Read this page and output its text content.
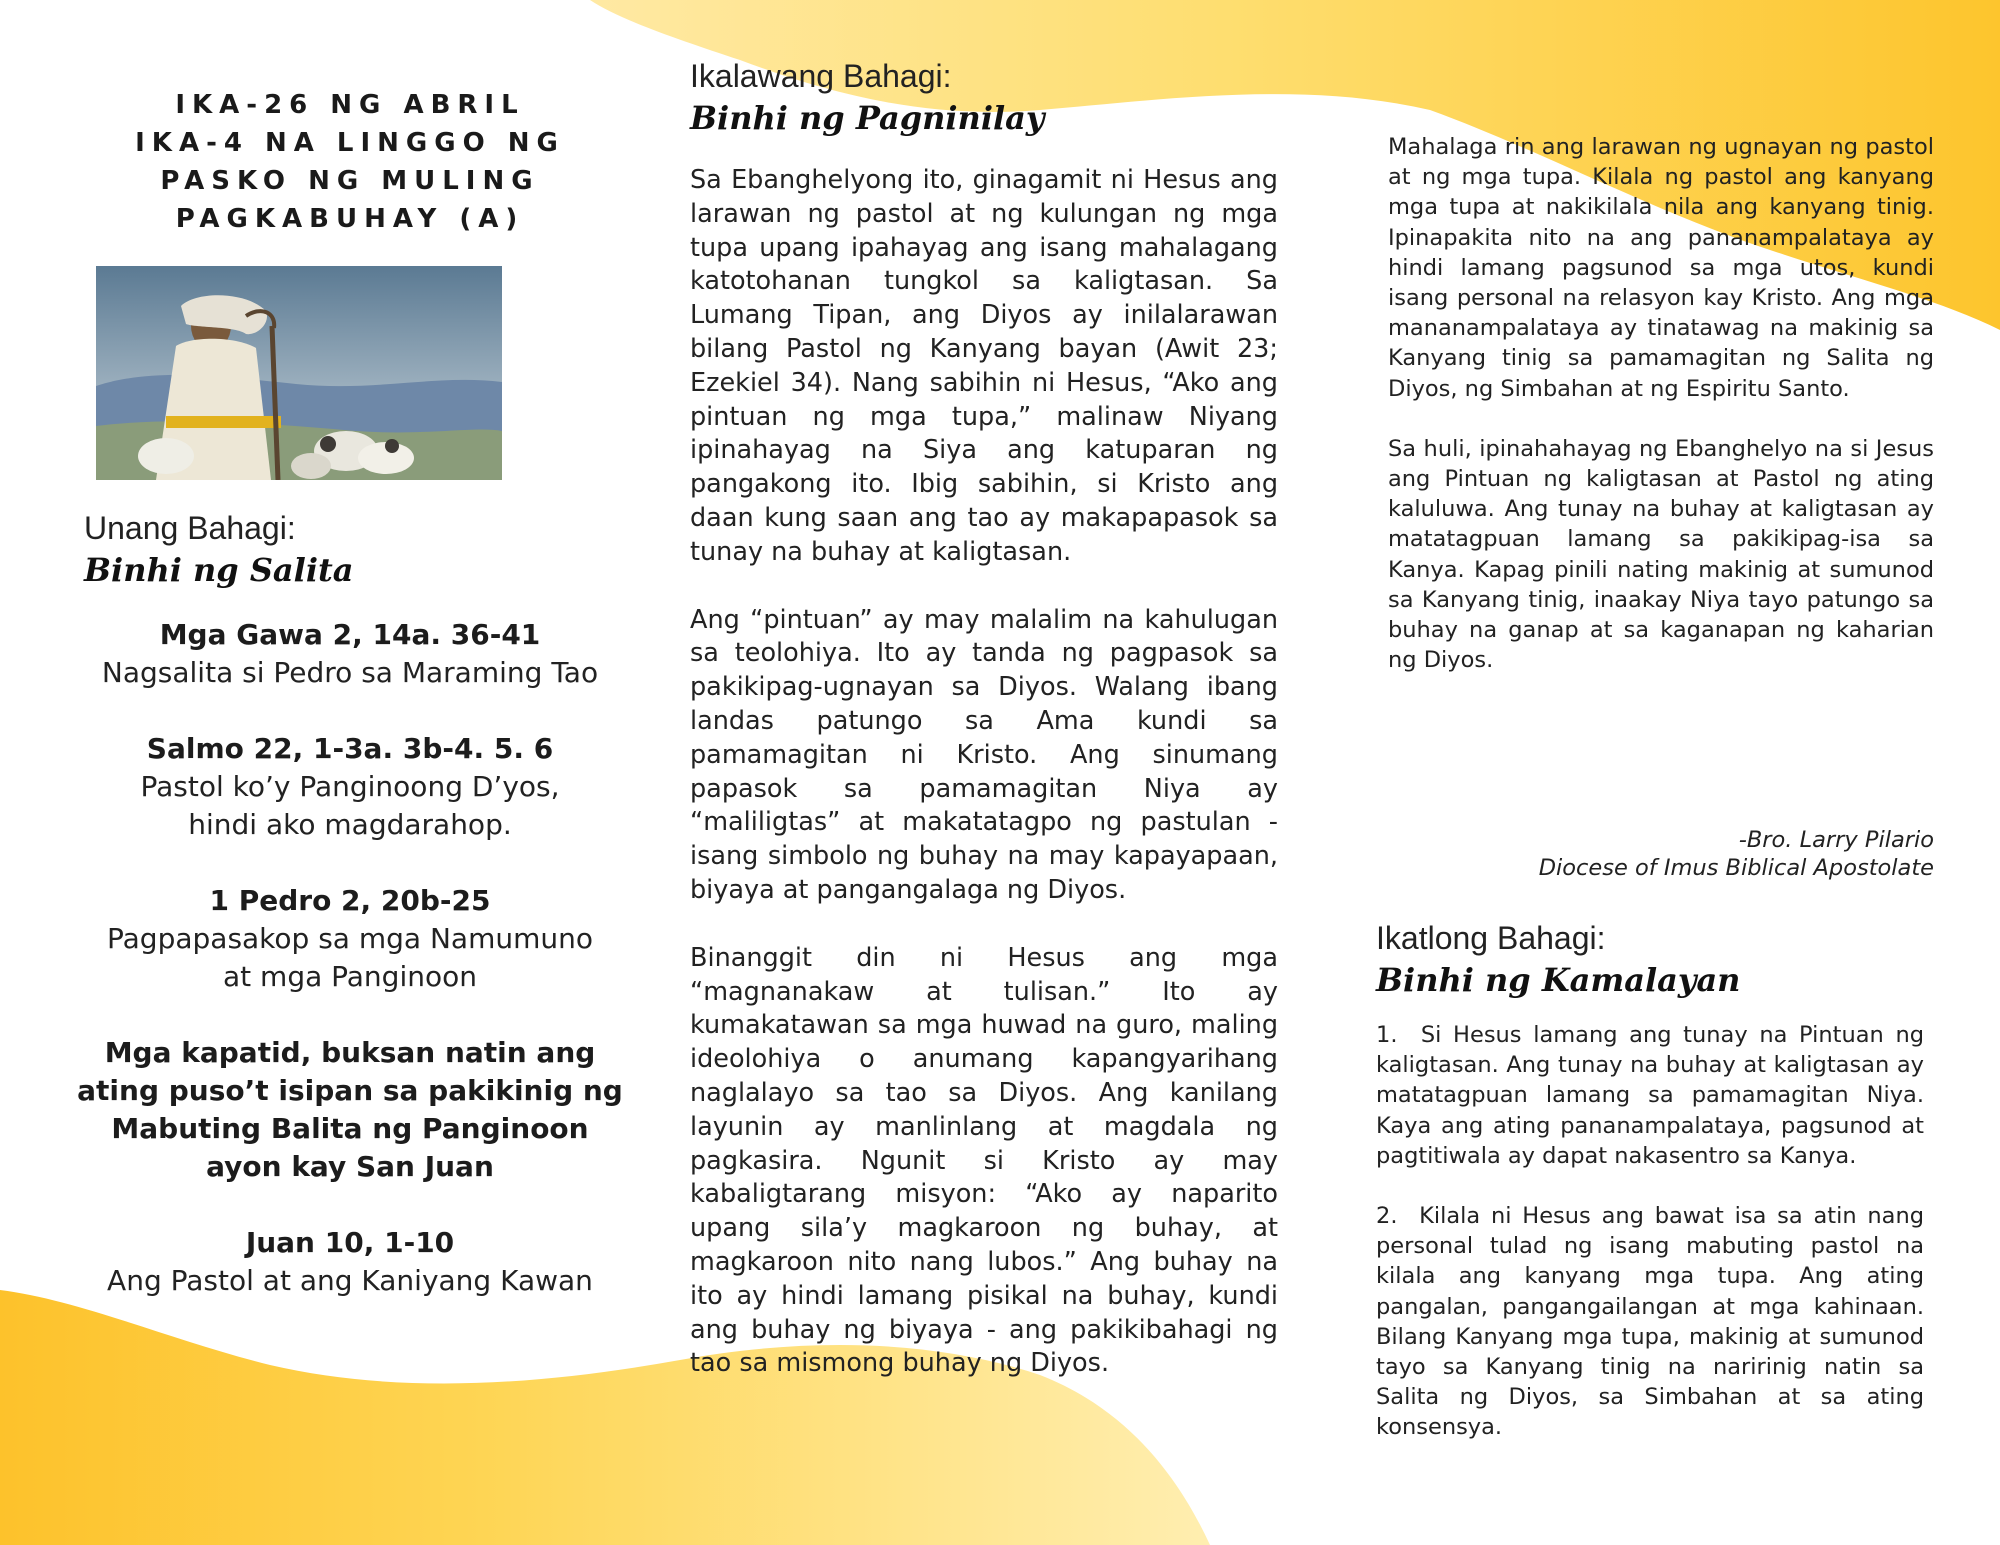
IKA-26 NG ABRIL
IKA-4 NA LINGGO NG
PASKO NG MULING
PAGKABUHAY (A)

Unang Bahagi:

Binhi ng Salita

Mga Gawa 2, 14a. 36-41

Nagsalita si Pedro sa Maraming Tao

Salmo 22, 1-3a. 3b-4. 5. 6

Pastol ko’y Panginoong D’yos,
hindi ako magdarahop.

1 Pedro 2, 20b-25

Pagpapasakop sa mga Namumuno
at mga Panginoon

Mga kapatid, buksan natin ang ating puso’t isipan sa pakikinig ng Mabuting Balita ng Panginoon ayon kay San Juan

Juan 10, 1-10

Ang Pastol at ang Kaniyang Kawan

Ikalawang Bahagi:

Binhi ng Pagninilay

Sa Ebanghelyong ito, ginagamit ni Hesus ang larawan ng pastol at ng kulungan ng mga tupa upang ipahayag ang isang mahalagang katotohanan tungkol sa kaligtasan. Sa Lumang Tipan, ang Diyos ay inilalarawan bilang Pastol ng Kanyang bayan (Awit 23; Ezekiel 34). Nang sabihin ni Hesus, “Ako ang pintuan ng mga tupa,” malinaw Niyang ipinahayag na Siya ang katuparan ng pangakong ito. Ibig sabihin, si Kristo ang daan kung saan ang tao ay makapapasok sa tunay na buhay at kaligtasan.

Ang “pintuan” ay may malalim na kahulugan sa teolohiya. Ito ay tanda ng pagpasok sa pakikipag-ugnayan sa Diyos. Walang ibang landas patungo sa Ama kundi sa pamamagitan ni Kristo. Ang sinumang papasok sa pamamagitan Niya ay “maliligtas” at makatatagpo ng pastulan - isang simbolo ng buhay na may kapayapaan, biyaya at pangangalaga ng Diyos.

Binanggit din ni Hesus ang mga “magnanakaw at tulisan.” Ito ay kumakatawan sa mga huwad na guro, maling ideolohiya o anumang kapangyarihang naglalayo sa tao sa Diyos. Ang kanilang layunin ay manlinlang at magdala ng pagkasira. Ngunit si Kristo ay may kabaligtarang misyon: “Ako ay naparito upang sila’y magkaroon ng buhay, at magkaroon nito nang lubos.” Ang buhay na ito ay hindi lamang pisikal na buhay, kundi ang buhay ng biyaya - ang pakikibahagi ng tao sa mismong buhay ng Diyos.

Mahalaga rin ang larawan ng ugnayan ng pastol at ng mga tupa. Kilala ng pastol ang kanyang mga tupa at nakikilala nila ang kanyang tinig. Ipinapakita nito na ang pananampalataya ay hindi lamang pagsunod sa mga utos, kundi isang personal na relasyon kay Kristo. Ang mga mananampalataya ay tinatawag na makinig sa Kanyang tinig sa pamamagitan ng Salita ng Diyos, ng Simbahan at ng Espiritu Santo.

Sa huli, ipinahahayag ng Ebanghelyo na si Jesus ang Pintuan ng kaligtasan at Pastol ng ating kaluluwa. Ang tunay na buhay at kaligtasan ay matatagpuan lamang sa pakikipag-isa sa Kanya. Kapag pinili nating makinig at sumunod sa Kanyang tinig, inaakay Niya tayo patungo sa buhay na ganap at sa kaganapan ng kaharian ng Diyos.

-Bro. Larry Pilario
Diocese of Imus Biblical Apostolate

Ikatlong Bahagi:

Binhi ng Kamalayan

1.  Si Hesus lamang ang tunay na Pintuan ng kaligtasan. Ang tunay na buhay at kaligtasan ay matatagpuan lamang sa pamamagitan Niya. Kaya ang ating pananampalataya, pagsunod at pagtitiwala ay dapat nakasentro sa Kanya.

2.  Kilala ni Hesus ang bawat isa sa atin nang personal tulad ng isang mabuting pastol na kilala ang kanyang mga tupa. Ang ating pangalan, pangangailangan at mga kahinaan. Bilang Kanyang mga tupa, makinig at sumunod tayo sa Kanyang tinig na naririnig natin sa Salita ng Diyos, sa Simbahan at sa ating konsensya.
